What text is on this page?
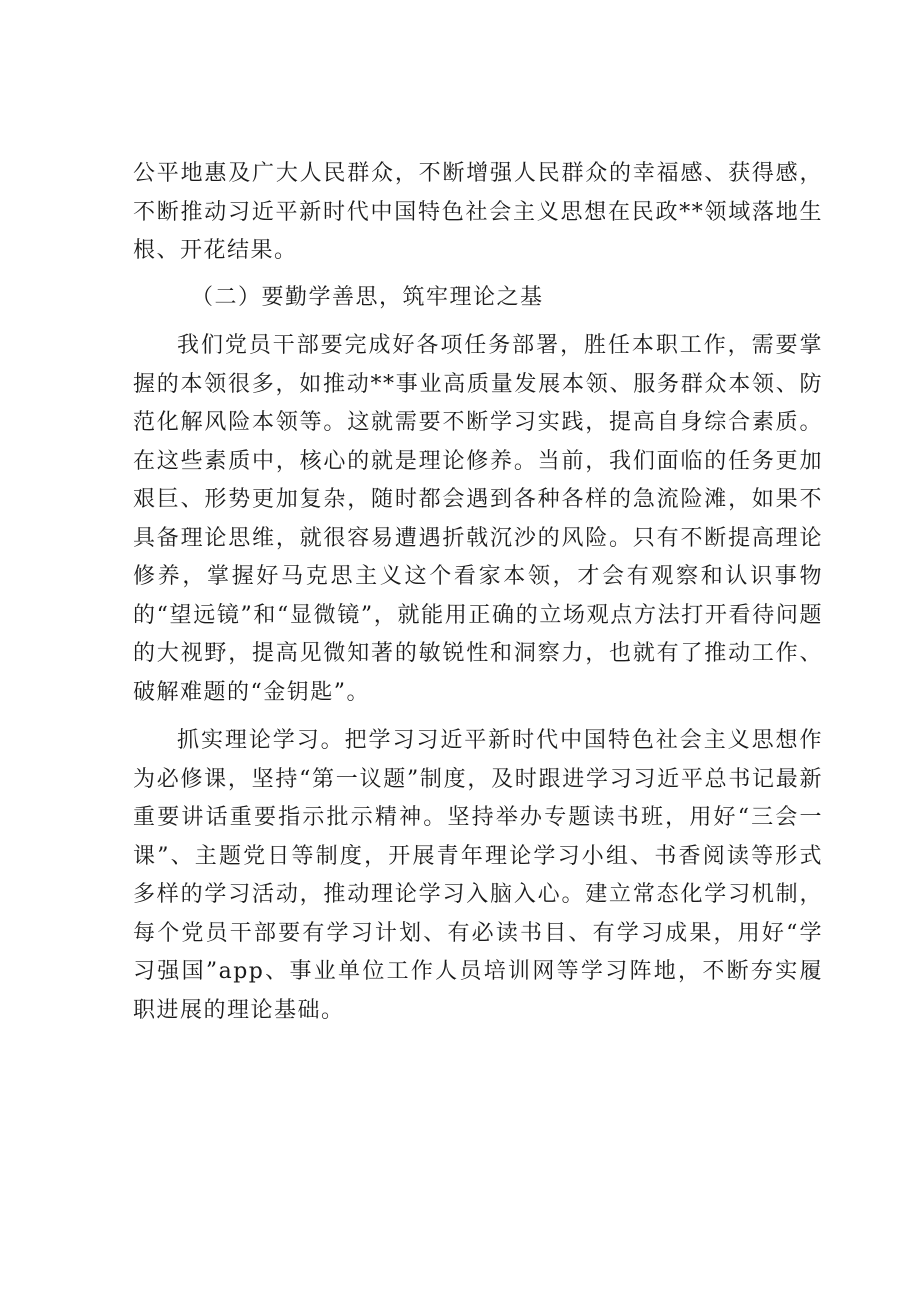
公平地惠及广大人民群众，不断增强人民群众的幸福感、获得感，不断推动习近平新时代中国特色社会主义思想在民政**领域落地生根、开花结果。

（二）要勤学善思，筑牢理论之基

我们党员干部要完成好各项任务部署，胜任本职工作，需要掌握的本领很多，如推动**事业高质量发展本领、服务群众本领、防范化解风险本领等。这就需要不断学习实践，提高自身综合素质。在这些素质中，核心的就是理论修养。当前，我们面临的任务更加艰巨、形势更加复杂，随时都会遇到各种各样的急流险滩，如果不具备理论思维，就很容易遭遇折戟沉沙的风险。只有不断提高理论修养，掌握好马克思主义这个看家本领，才会有观察和认识事物的“望远镜”和“显微镜”，就能用正确的立场观点方法打开看待问题的大视野，提高见微知著的敏锐性和洞察力，也就有了推动工作、破解难题的“金钥匙”。

抓实理论学习。把学习习近平新时代中国特色社会主义思想作为必修课，坚持“第一议题”制度，及时跟进学习习近平总书记最新重要讲话重要指示批示精神。坚持举办专题读书班，用好“三会一课”、主题党日等制度，开展青年理论学习小组、书香阅读等形式多样的学习活动，推动理论学习入脑入心。建立常态化学习机制，每个党员干部要有学习计划、有必读书目、有学习成果，用好“学习强国”app、事业单位工作人员培训网等学习阵地，不断夯实履职进展的理论基础。
